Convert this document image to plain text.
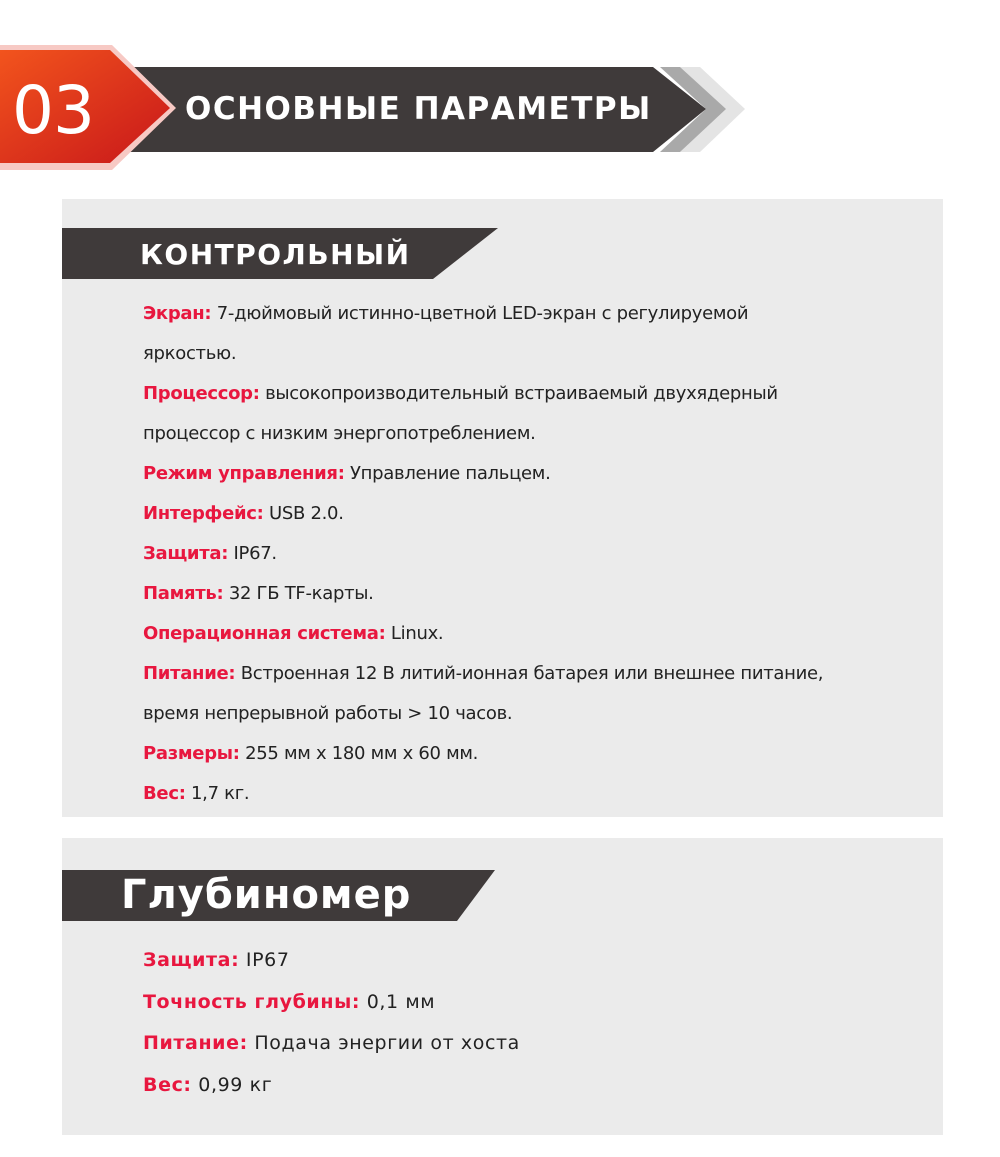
03	ОСНОВНЫЕ ПАРАМЕТРЫ
КОНТРОЛЬНЫЙ
Экран: 7-дюймовый истинно-цветной LED-экран с регулируемой
яркостью.
Процессор: высокопроизводительный встраиваемый двухядерный
процессор с низким энергопотреблением.
Режим управления: Управление пальцем.
Интерфейс: USB 2.0.
Защита: IP67.
Память: 32 ГБ TF-карты.
Операционная система: Linux.
Питание: Встроенная 12 В литий-ионная батарея или внешнее питание,
время непрерывной работы > 10 часов.
Размеры: 255 мм x 180 мм x 60 мм.
Вес: 1,7 кг.
Глубиномер
Защита: IP67
Точность глубины: 0,1 мм
Питание: Подача энергии от хоста
Вес: 0,99 кг
